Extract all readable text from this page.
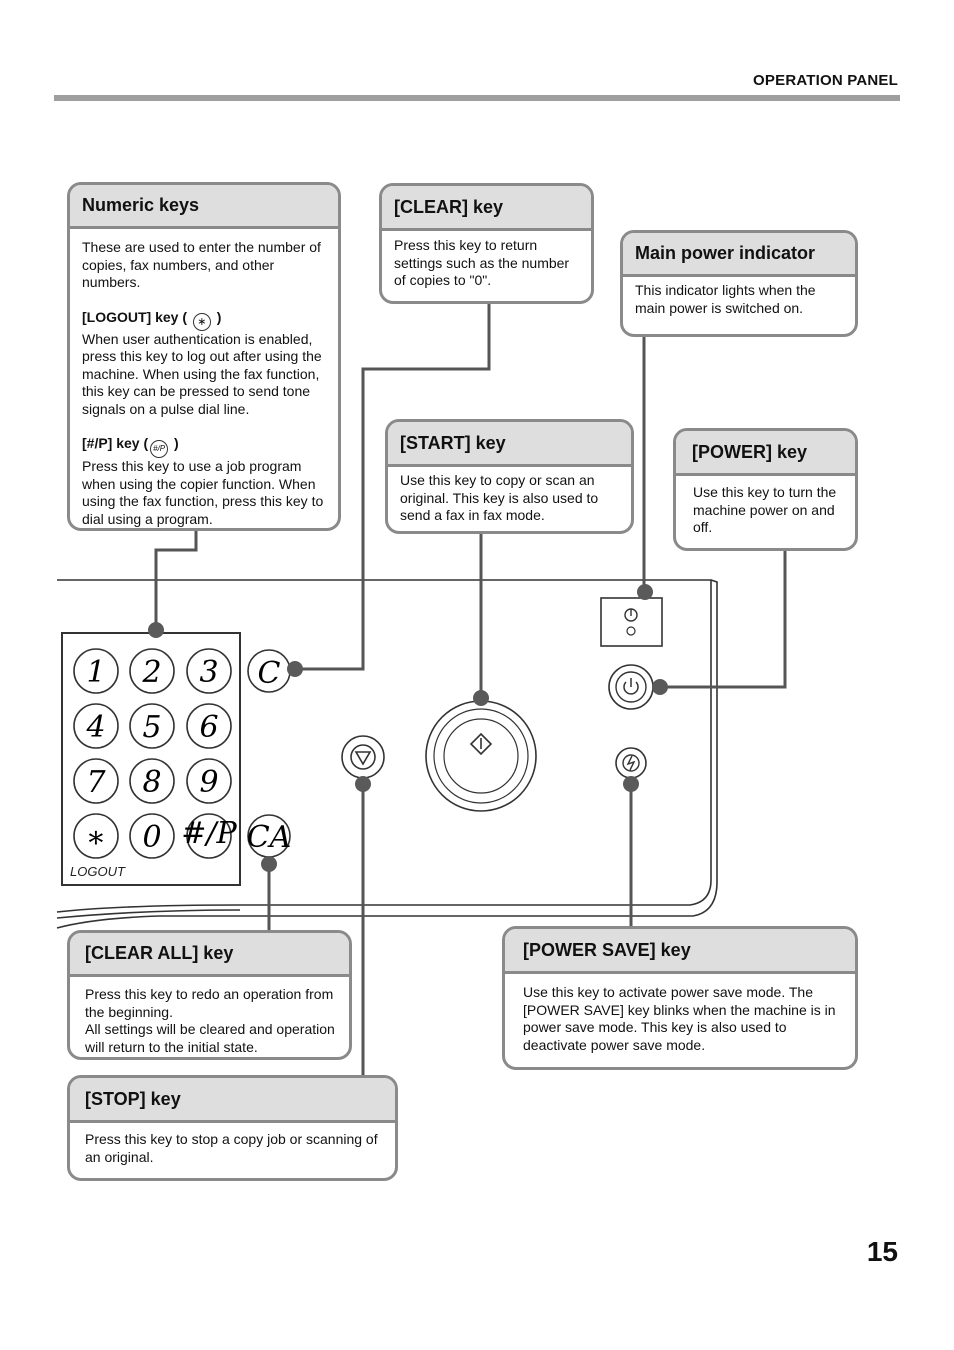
OPERATION PANEL
1 2 3
4 5 6
7 8 9
∗ 0 #/P
LOGOUT
C
CA
Numeric keys

These are used to enter the number of copies, fax numbers, and other numbers.

[LOGOUT] key ( ∗ )

When user authentication is enabled, press this key to log out after using the machine. When using the fax function, this key can be pressed to send tone signals on a pulse dial line.

[#/P] key ( #/P )

Press this key to use a job program when using the copier function. When using the fax function, press this key to dial using a program.

[CLEAR] key

Press this key to return settings such as the number of copies to "0".

Main power indicator

This indicator lights when the main power is switched on.

[START] key

Use this key to copy or scan an original. This key is also used to send a fax in fax mode.

[POWER] key

Use this key to turn the machine power on and off.

[CLEAR ALL] key

Press this key to redo an operation from the beginning.

All settings will be cleared and operation will return to the initial state.

[POWER SAVE] key

Use this key to activate power save mode. The [POWER SAVE] key blinks when the machine is in power save mode. This key is also used to deactivate power save mode.

[STOP] key

Press this key to stop a copy job or scanning of an original.

15
